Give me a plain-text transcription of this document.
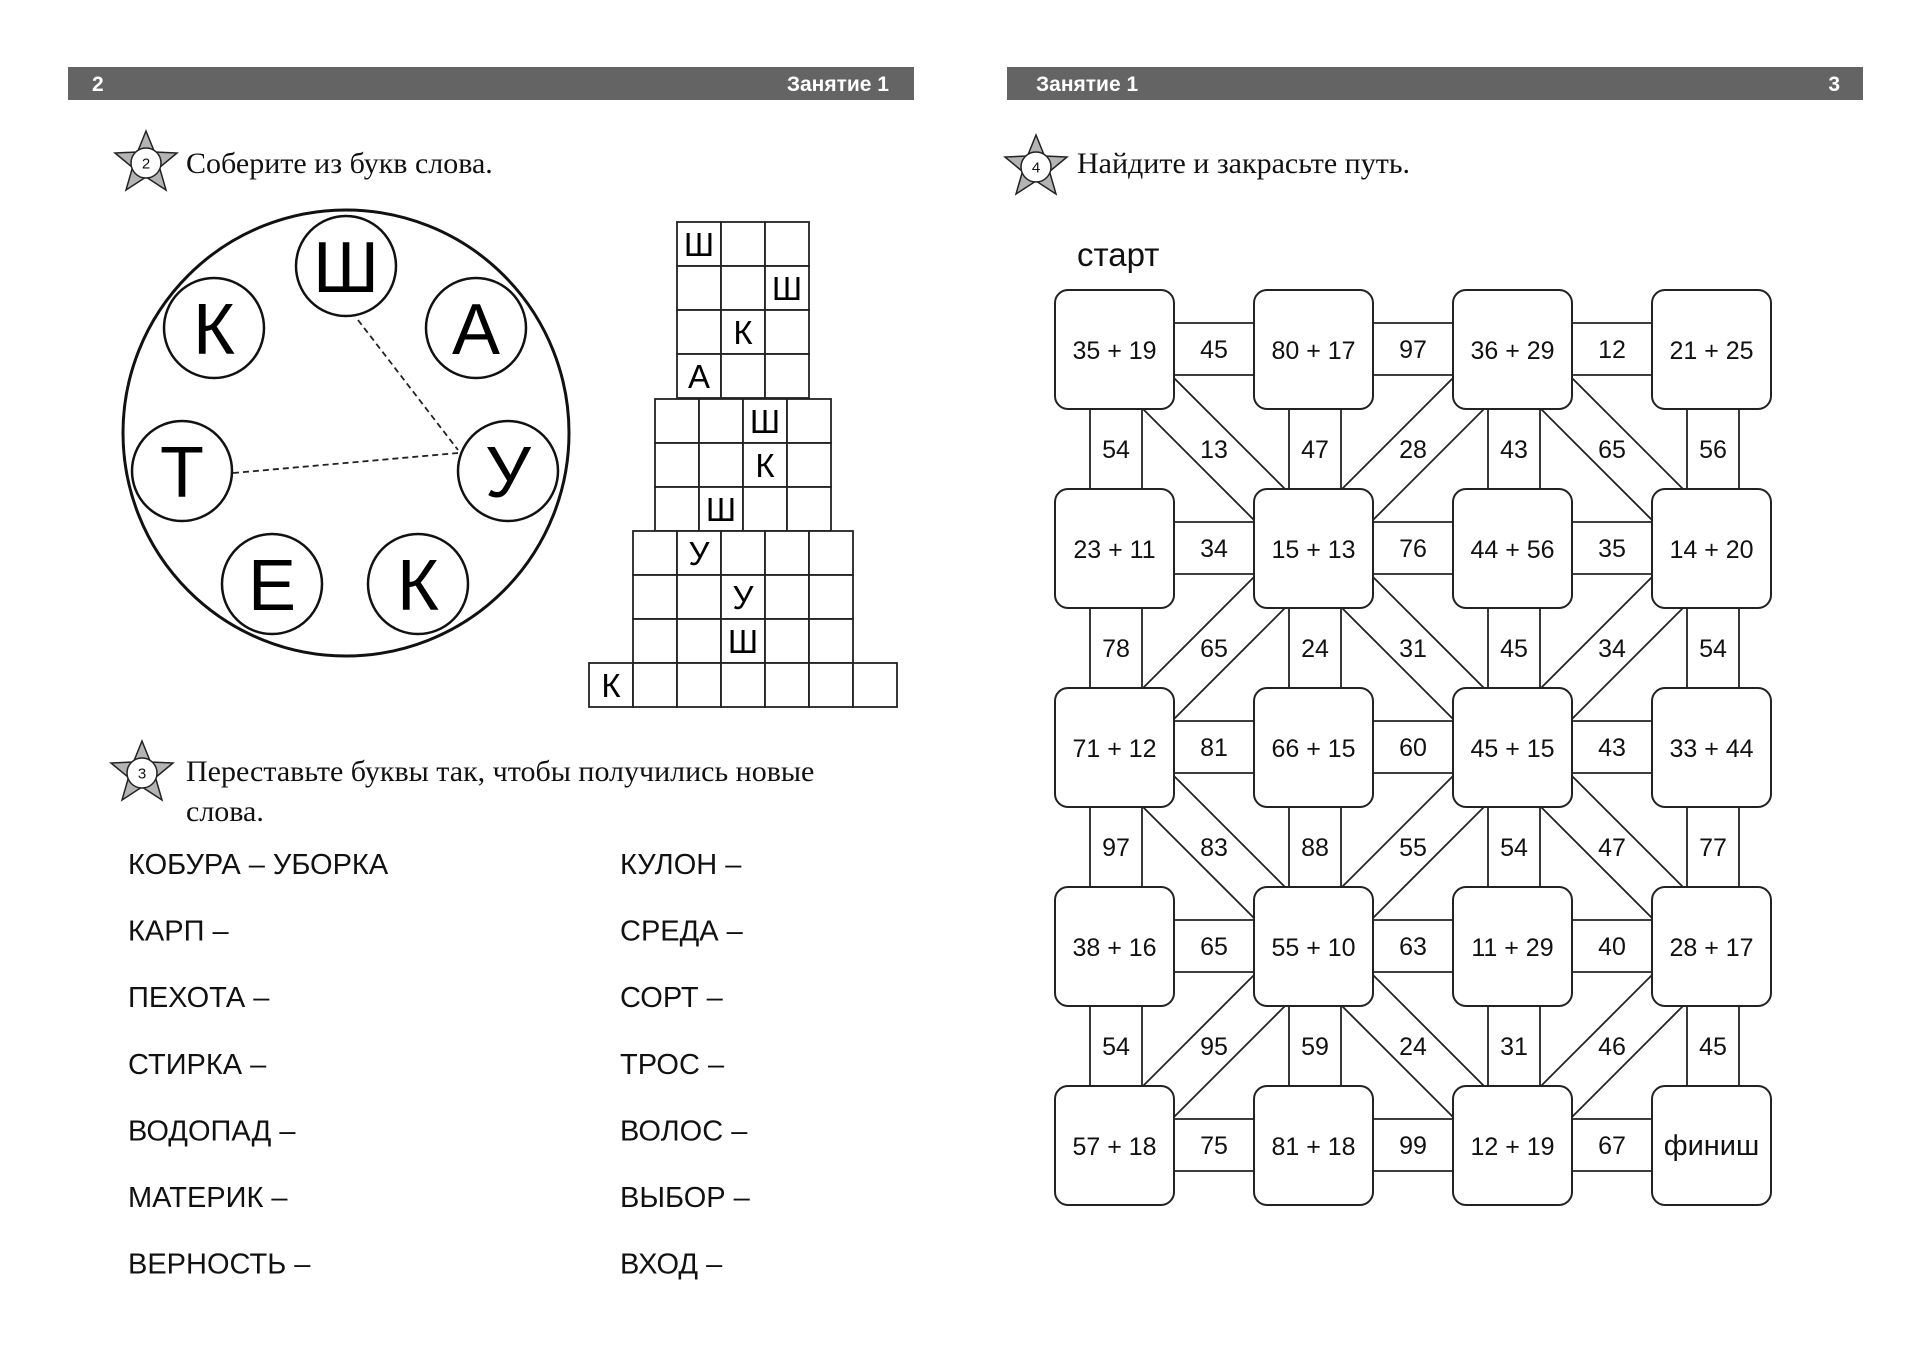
2	Занятие 1
2 Соберите из букв слова.
Ш
А
У
К
Е
Т
К
Ш
Ш
К
А
Ш
К
Ш
У
У
Ш
К
3 Переставьте буквы так, чтобы получились новые
слова.
КОБУРА – УБОРКА
КАРП –
ПЕХОТА –
СТИРКА –
ВОДОПАД –
МАТЕРИК –
ВЕРНОСТЬ –
КУЛОН –
СРЕДА –
СОРТ –
ТРОС –
ВОЛОС –
ВЫБОР –
ВХОД –
Занятие 1	3
4 Найдите и закрасьте путь.
старт
35 + 19	80 + 17	36 + 29	21 + 25
23 + 11	15 + 13	44 + 56	14 + 20
71 + 12	66 + 15	45 + 15	33 + 44
38 + 16	55 + 10	11 + 29	28 + 17
57 + 18	81 + 18	12 + 19	финиш
45	97	12
34	76	35
81	60	43
65	63	40
75	99	67
54	47	43	56
78	24	45	54
97	88	54	77
54	59	31	45
13	28	65
65	31	34
83	55	47
95	24	46
